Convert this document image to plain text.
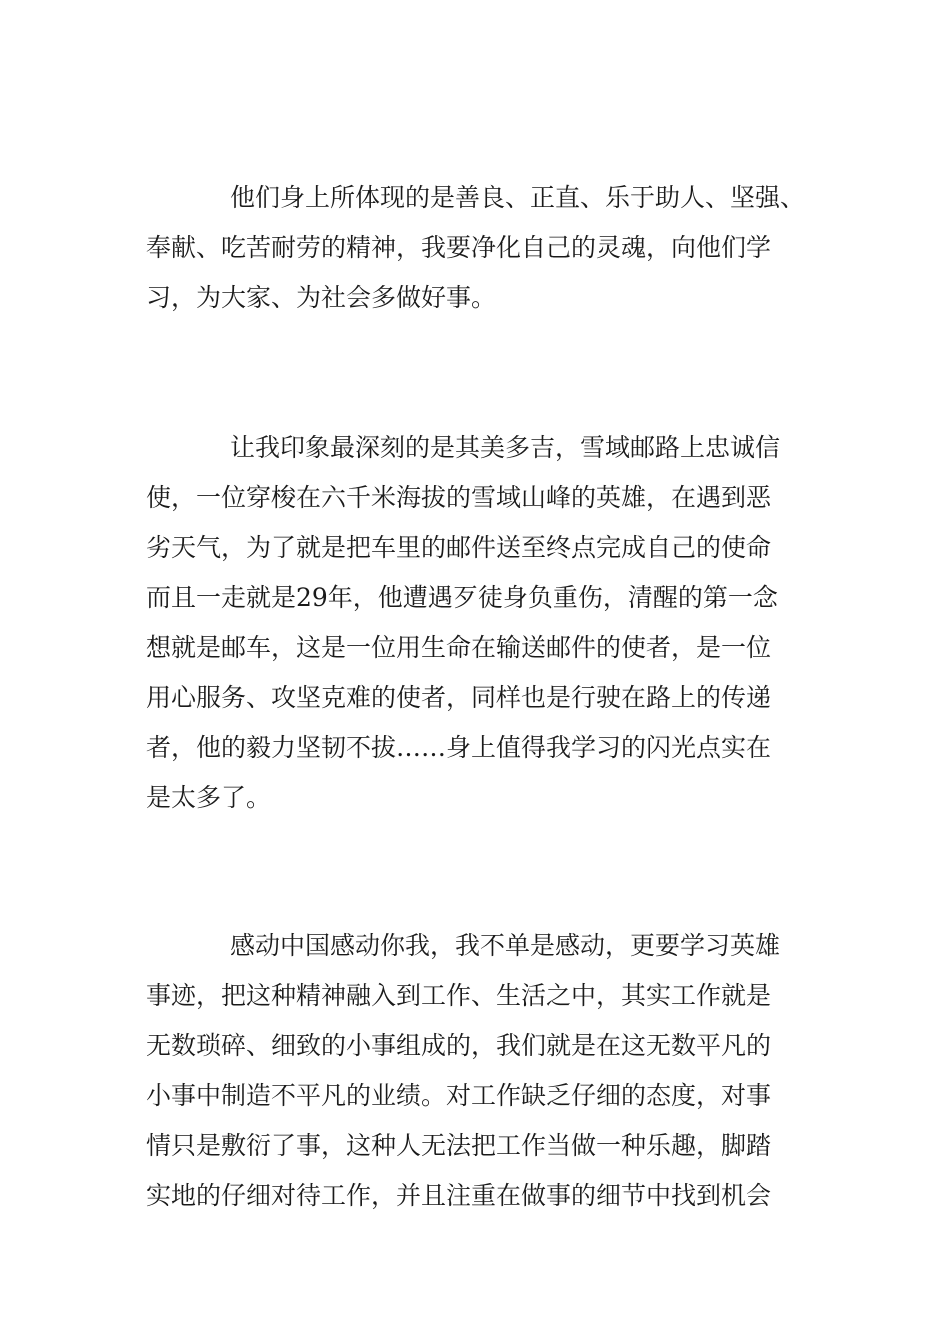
他们身上所体现的是善良、正直、乐于助人、坚强、

奉献、吃苦耐劳的精神，我要净化自己的灵魂，向他们学

习，为大家、为社会多做好事。

让我印象最深刻的是其美多吉，雪域邮路上忠诚信

使，一位穿梭在六千米海拔的雪域山峰的英雄，在遇到恶

劣天气，为了就是把车里的邮件送至终点完成自己的使命

而且一走就是29年，他遭遇歹徒身负重伤，清醒的第一念

想就是邮车，这是一位用生命在输送邮件的使者，是一位

用心服务、攻坚克难的使者，同样也是行驶在路上的传递

者，他的毅力坚韧不拔……身上值得我学习的闪光点实在

是太多了。

感动中国感动你我，我不单是感动，更要学习英雄

事迹，把这种精神融入到工作、生活之中，其实工作就是

无数琐碎、细致的小事组成的，我们就是在这无数平凡的

小事中制造不平凡的业绩。对工作缺乏仔细的态度，对事

情只是敷衍了事，这种人无法把工作当做一种乐趣，脚踏

实地的仔细对待工作，并且注重在做事的细节中找到机会
